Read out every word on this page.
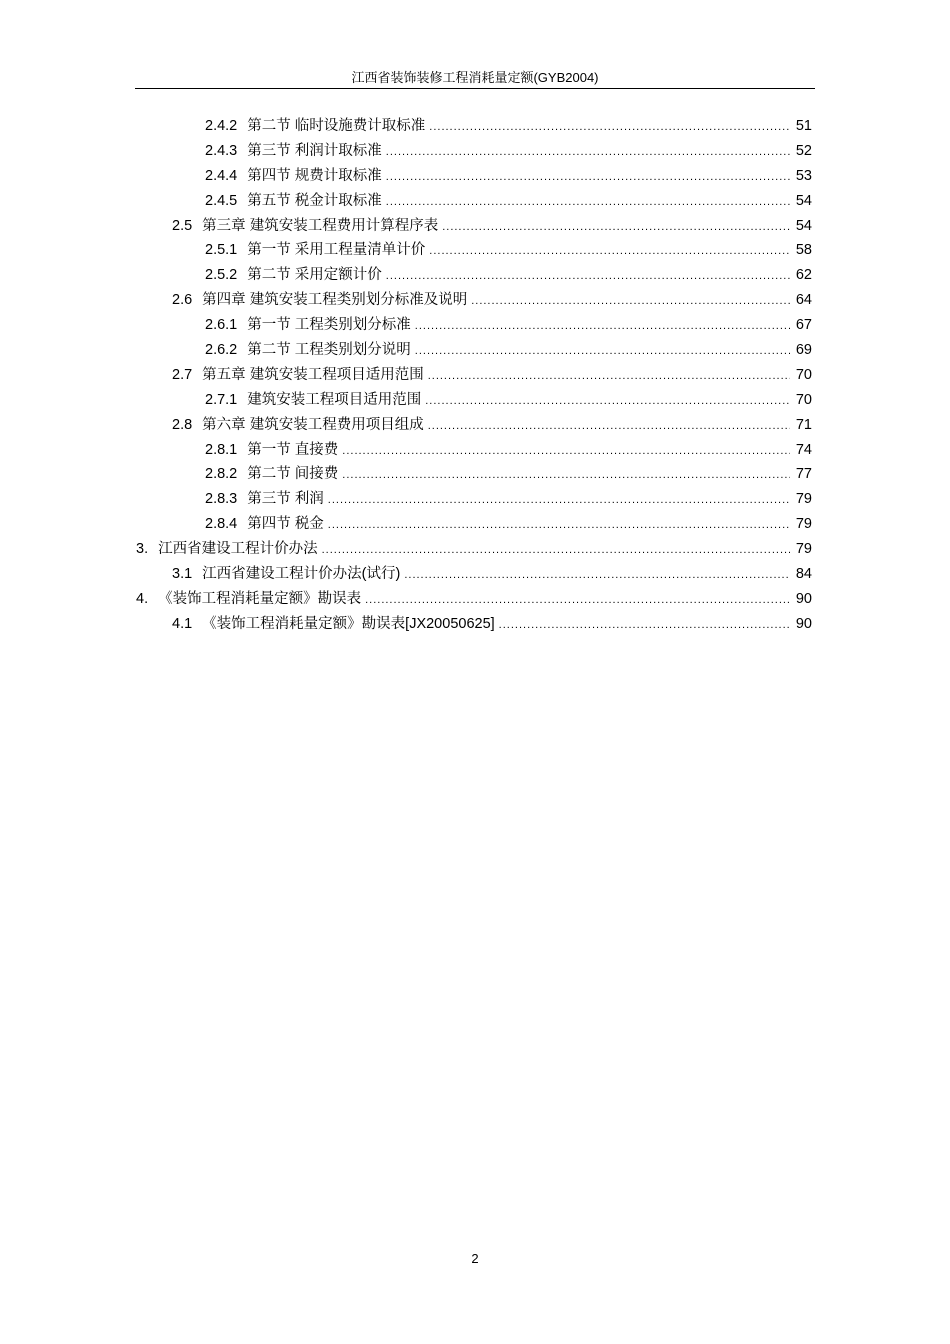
江西省装饰装修工程消耗量定额(GYB2004)
2.4.2 第二节 临时设施费计取标准 .....	51
2.4.3 第三节 利润计取标准 .....	52
2.4.4 第四节 规费计取标准 .....	53
2.4.5 第五节 税金计取标准 .....	54
2.5 第三章 建筑安装工程费用计算程序表 .....	54
2.5.1 第一节 采用工程量清单计价 .....	58
2.5.2 第二节 采用定额计价 .....	62
2.6 第四章 建筑安装工程类别划分标准及说明 .....	64
2.6.1 第一节 工程类别划分标准 .....	67
2.6.2 第二节 工程类别划分说明 .....	69
2.7 第五章 建筑安装工程项目适用范围 .....	70
2.7.1 建筑安装工程项目适用范围 .....	70
2.8 第六章 建筑安装工程费用项目组成 .....	71
2.8.1 第一节 直接费 .....	74
2.8.2 第二节 间接费 .....	77
2.8.3 第三节 利润 .....	79
2.8.4 第四节 税金 .....	79
3. 江西省建设工程计价办法 .....	79
3.1 江西省建设工程计价办法(试行) .....	84
4. 《装饰工程消耗量定额》勘误表 .....	90
4.1 《装饰工程消耗量定额》勘误表[JX20050625] .....	90
2
